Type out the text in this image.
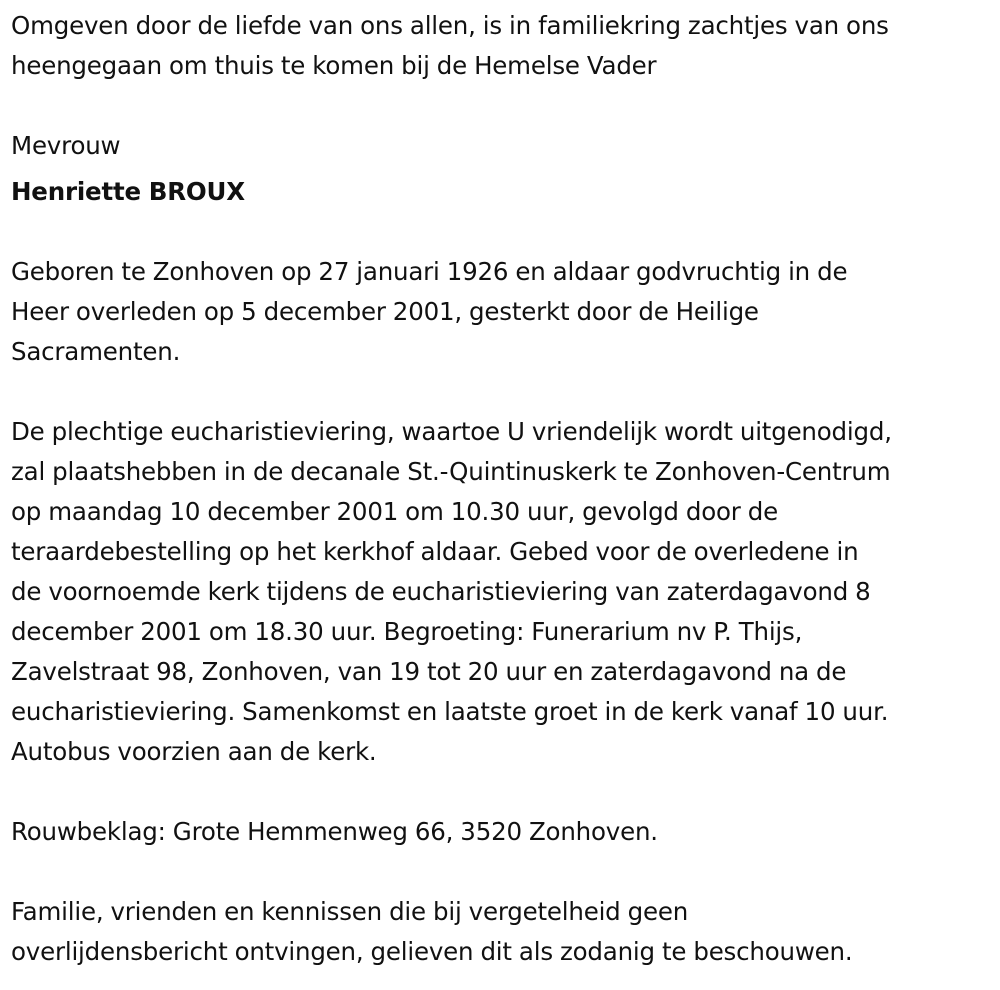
Omgeven door de liefde van ons allen, is in familiekring zachtjes van ons
heengegaan om thuis te komen bij de Hemelse Vader

Mevrouw

Henriette BROUX

Geboren te Zonhoven op 27 januari 1926 en aldaar godvruchtig in de
Heer overleden op 5 december 2001, gesterkt door de Heilige
Sacramenten.

De plechtige eucharistieviering, waartoe U vriendelijk wordt uitgenodigd,
zal plaatshebben in de decanale St.-Quintinuskerk te Zonhoven-Centrum
op maandag 10 december 2001 om 10.30 uur, gevolgd door de
teraardebestelling op het kerkhof aldaar. Gebed voor de overledene in
de voornoemde kerk tijdens de eucharistieviering van zaterdagavond 8
december 2001 om 18.30 uur. Begroeting: Funerarium nv P. Thijs,
Zavelstraat 98, Zonhoven, van 19 tot 20 uur en zaterdagavond na de
eucharistieviering. Samenkomst en laatste groet in de kerk vanaf 10 uur.
Autobus voorzien aan de kerk.

Rouwbeklag: Grote Hemmenweg 66, 3520 Zonhoven.

Familie, vrienden en kennissen die bij vergetelheid geen
overlijdensbericht ontvingen, gelieven dit als zodanig te beschouwen.
